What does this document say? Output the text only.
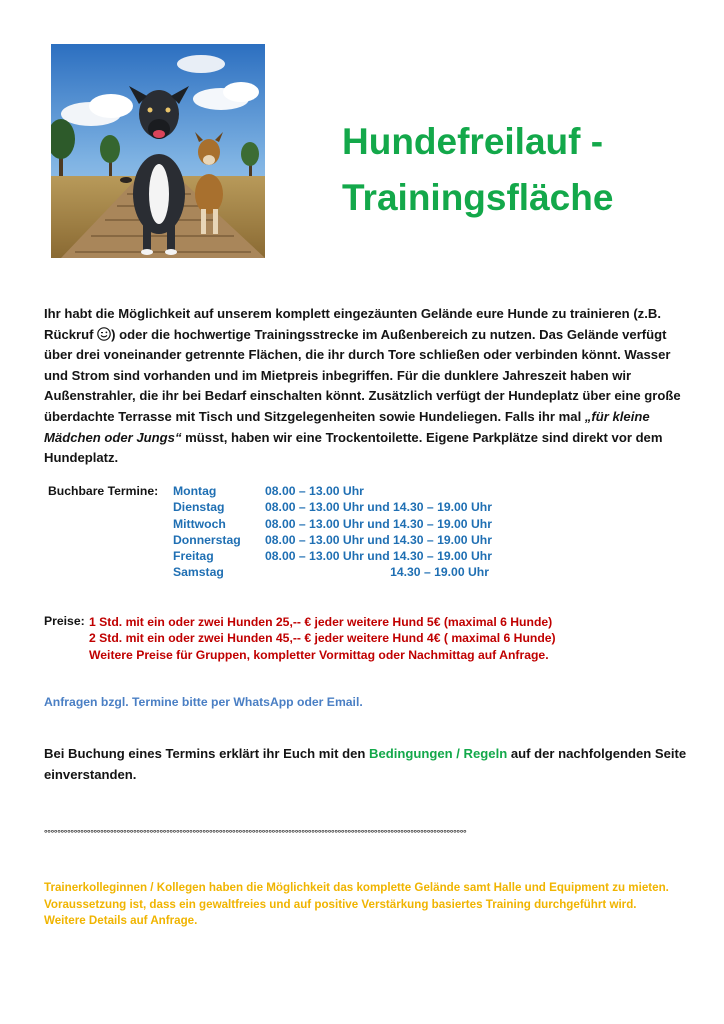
Hundefreilauf -
Trainingsfläche
Ihr habt die Möglichkeit auf unserem komplett eingezäunten Gelände eure Hunde zu trainieren (z.B. Rückruf ) oder die hochwertige Trainingsstrecke im Außenbereich zu nutzen. Das Gelände verfügt über drei voneinander getrennte Flächen, die ihr durch Tore schließen oder verbinden könnt. Wasser und Strom sind vorhanden und im Mietpreis inbegriffen. Für die dunklere Jahreszeit haben wir Außenstrahler, die ihr bei Bedarf einschalten könnt. Zusätzlich verfügt der Hundeplatz über eine große überdachte Terrasse mit Tisch und Sitzgelegenheiten sowie Hundeliegen. Falls ihr mal „für kleine Mädchen oder Jungs“ müsst, haben wir eine Trockentoilette. Eigene Parkplätze sind direkt vor dem Hundeplatz.
Buchbare Termine: Montag	08.00 – 13.00 Uhr
Dienstag	08.00 – 13.00 Uhr und 14.30 – 19.00 Uhr
Mittwoch	08.00 – 13.00 Uhr und 14.30 – 19.00 Uhr
Donnerstag 08.00 – 13.00 Uhr und 14.30 – 19.00 Uhr
Freitag	08.00 – 13.00 Uhr und 14.30 – 19.00 Uhr
Samstag	14.30 – 19.00 Uhr
Preise: 1 Std. mit ein oder zwei Hunden 25,-- € jeder weitere Hund 5€ (maximal 6 Hunde)
2 Std. mit ein oder zwei Hunden 45,-- € jeder weitere Hund 4€ ( maximal 6 Hunde)
Weitere Preise für Gruppen, kompletter Vormittag oder Nachmittag auf Anfrage.
Anfragen bzgl. Termine bitte per WhatsApp oder Email.
Bei Buchung eines Termins erklärt ihr Euch mit den Bedingungen / Regeln auf der nachfolgenden Seite einverstanden.
°°°°°°°°°°°°°°°°°°°°°°°°°°°°°°°°°°°°°°°°°°°°°°°°°°°°°°°°°°°°°°°°°°°°°°°°°°°°°°°°°°°°°°°°°°°°°°°°°°°°°°°°°°°°°°°°°°°°°°°°°°°°°°°°
Trainerkolleginnen / Kollegen haben die Möglichkeit das komplette Gelände samt Halle und Equipment zu mieten.
Voraussetzung ist, dass ein gewaltfreies und auf positive Verstärkung basiertes Training durchgeführt wird.
Weitere Details auf Anfrage.
